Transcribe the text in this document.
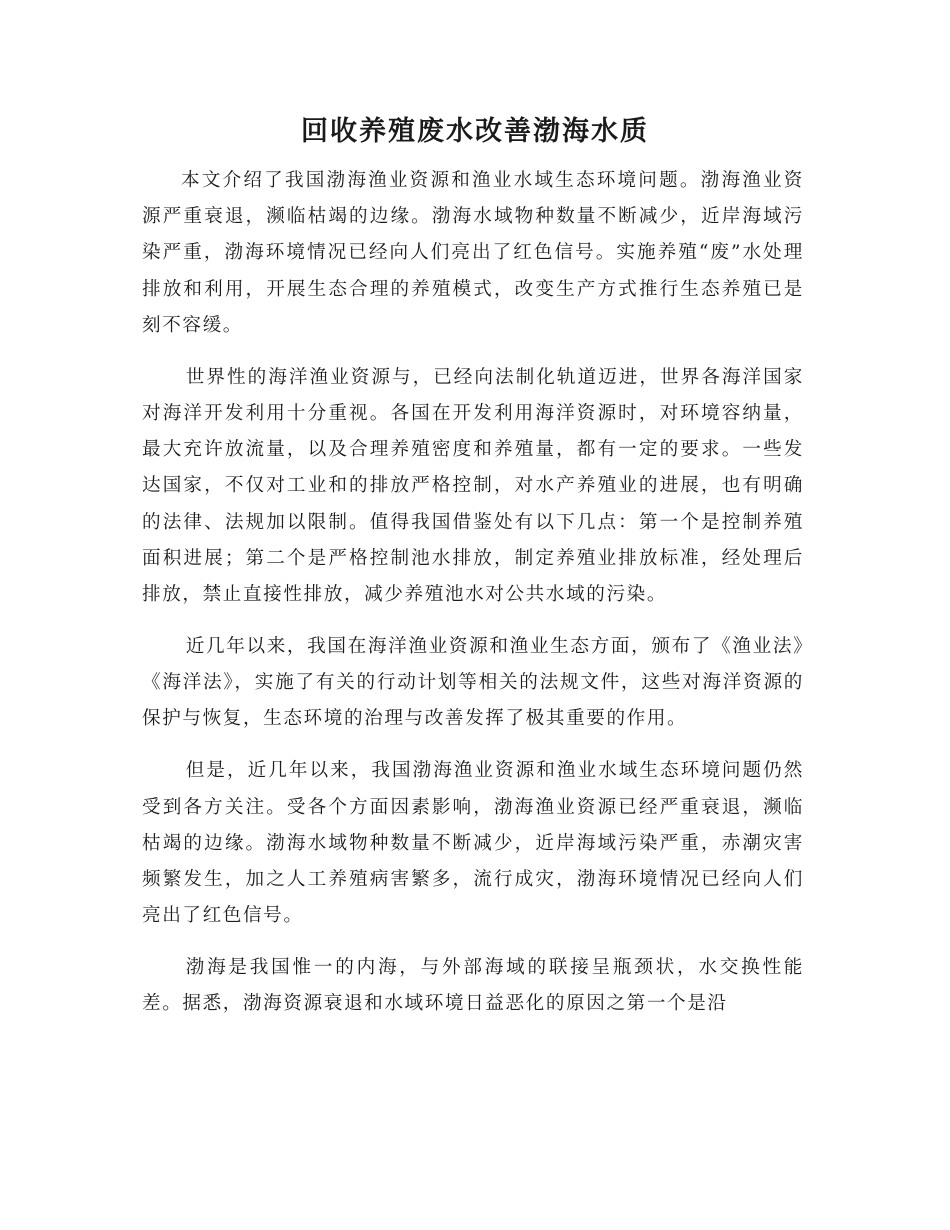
回收养殖废水改善渤海水质

本文介绍了我国渤海渔业资源和渔业水域生态环境问题。渤海渔业资源严重衰退，濒临枯竭的边缘。渤海水域物种数量不断减少，近岸海域污染严重，渤海环境情况已经向人们亮出了红色信号。实施养殖“废”水处理排放和利用，开展生态合理的养殖模式，改变生产方式推行生态养殖已是刻不容缓。

世界性的海洋渔业资源与，已经向法制化轨道迈进，世界各海洋国家对海洋开发利用十分重视。各国在开发利用海洋资源时，对环境容纳量，最大充许放流量，以及合理养殖密度和养殖量，都有一定的要求。一些发达国家，不仅对工业和的排放严格控制，对水产养殖业的进展，也有明确的法律、法规加以限制。值得我国借鉴处有以下几点：第一个是控制养殖面积进展；第二个是严格控制池水排放，制定养殖业排放标准，经处理后排放，禁止直接性排放，减少养殖池水对公共水域的污染。

近几年以来，我国在海洋渔业资源和渔业生态方面，颁布了《渔业法》《海洋法》，实施了有关的行动计划等相关的法规文件，这些对海洋资源的保护与恢复，生态环境的治理与改善发挥了极其重要的作用。

但是，近几年以来，我国渤海渔业资源和渔业水域生态环境问题仍然受到各方关注。受各个方面因素影响，渤海渔业资源已经严重衰退，濒临枯竭的边缘。渤海水域物种数量不断减少，近岸海域污染严重，赤潮灾害频繁发生，加之人工养殖病害繁多，流行成灾，渤海环境情况已经向人们亮出了红色信号。

渤海是我国惟一的内海，与外部海域的联接呈瓶颈状，水交换性能差。据悉，渤海资源衰退和水域环境日益恶化的原因之第一个是沿
